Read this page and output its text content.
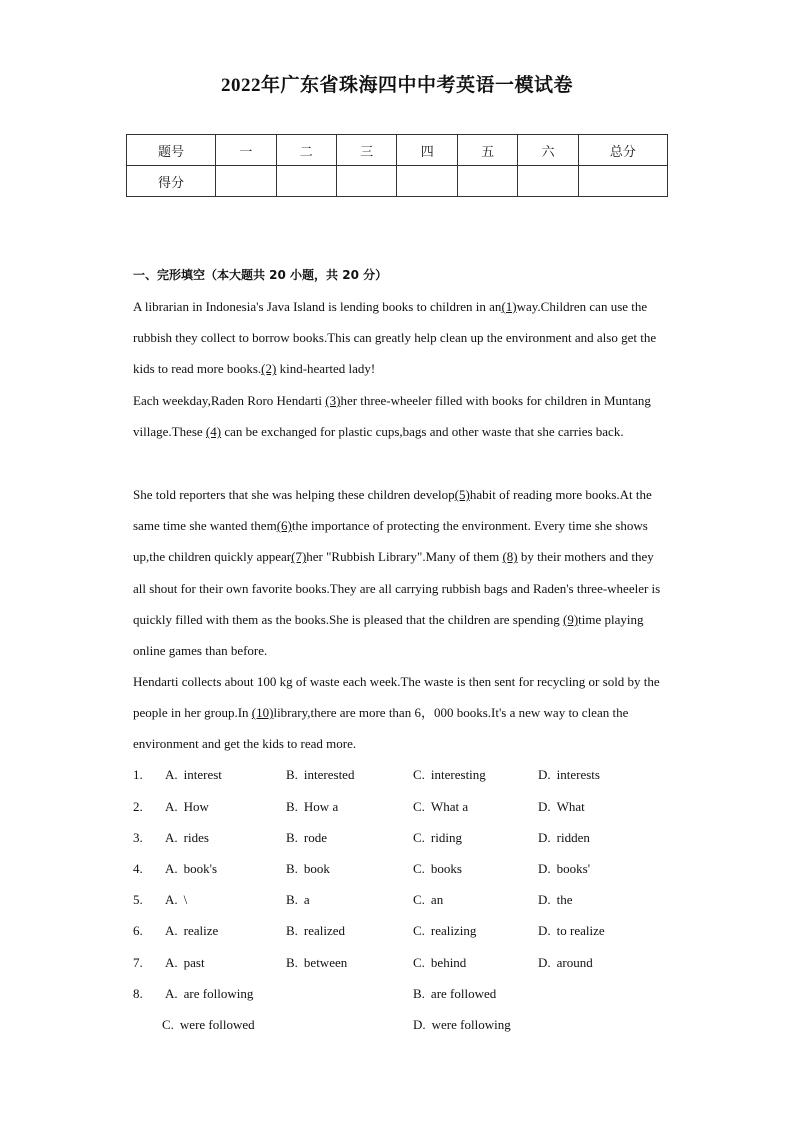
2022年广东省珠海四中中考英语一模试卷
题号	一	二	三	四	五	六	总分
得分							
一、完形填空（本大题共 20 小题，共 20 分）
A librarian in Indonesia's Java Island is lending books to children in an(1)way.Children can use the rubbish they collect to borrow books.This can greatly help clean up the environment and also get the kids to read more books.(2) kind-hearted lady!
Each weekday,Raden Roro Hendarti (3)her three-wheeler filled with books for children in Muntang village.These (4) can be exchanged for plastic cups,bags and other waste that she carries back.
She told reporters that she was helping these children develop(5)habit of reading more books.At the same time she wanted them(6)the importance of protecting the environment. Every time she shows up,the children quickly appear(7)her "Rubbish Library".Many of them (8) by their mothers and they all shout for their own favorite books.They are all carrying rubbish bags and Raden's three-wheeler is quickly filled with them as the books.She is pleased that the children are spending (9)time playing online games than before.
Hendarti collects about 100 kg of waste each week.The waste is then sent for recycling or sold by the people in her group.In (10)library,there are more than 6，000 books.It's a new way to clean the environment and get the kids to read more.
1. A. interest	B. interested	C. interesting	D. interests
2. A. How	B. How a	C. What a	D. What
3. A. rides	B. rode	C. riding	D. ridden
4. A. book's	B. book	C. books	D. books'
5. A. \	B. a	C. an	D. the
6. A. realize	B. realized	C. realizing	D. to realize
7. A. past	B. between	C. behind	D. around
8. A. are following	B. are followed
C. were followed	D. were following
